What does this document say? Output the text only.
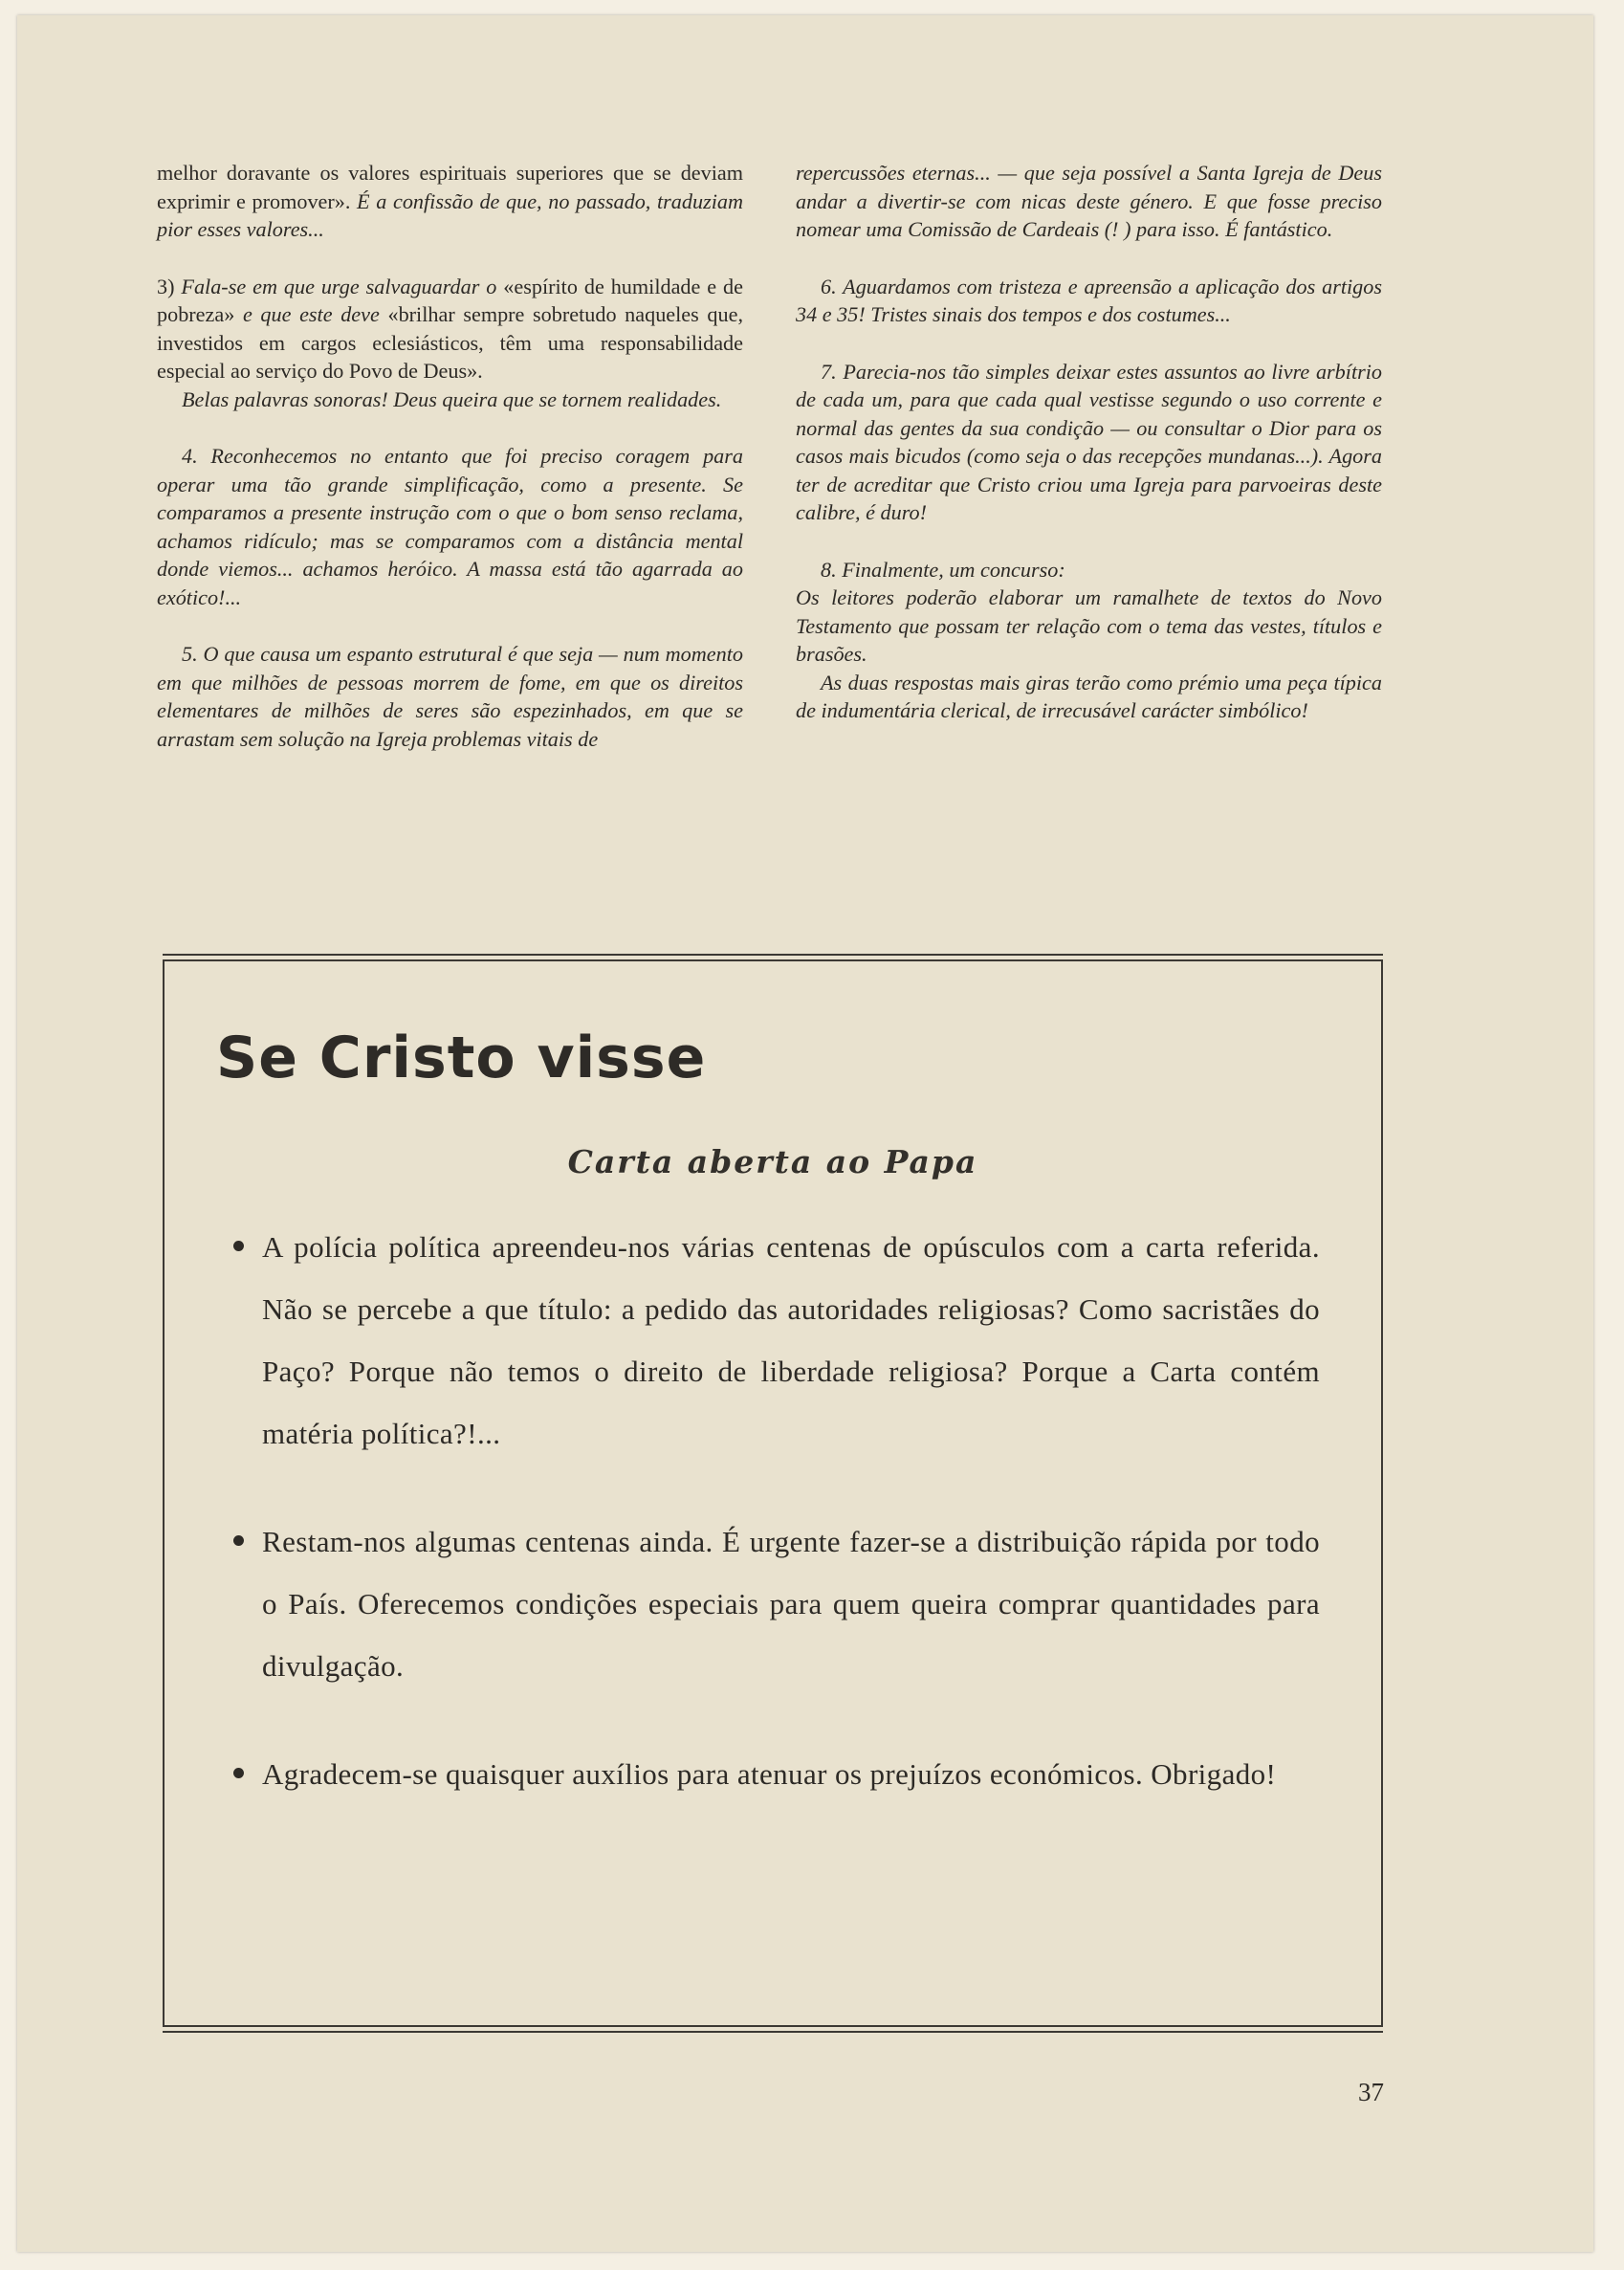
melhor doravante os valores espirituais superiores que se deviam exprimir e promover». É a confissão de que, no passado, traduziam pior esses valores...

3) Fala-se em que urge salvaguardar o «espírito de humildade e de pobreza» e que este deve «brilhar sempre sobretudo naqueles que, investidos em cargos eclesiásticos, têm uma responsabilidade especial ao serviço do Povo de Deus».

Belas palavras sonoras! Deus queira que se tornem realidades.

4. Reconhecemos no entanto que foi preciso coragem para operar uma tão grande simplificação, como a presente. Se comparamos a presente instrução com o que o bom senso reclama, achamos ridículo; mas se comparamos com a distância mental donde viemos... achamos heróico. A massa está tão agarrada ao exótico!...

5. O que causa um espanto estrutural é que seja — num momento em que milhões de pessoas morrem de fome, em que os direitos elementares de milhões de seres são espezinhados, em que se arrastam sem solução na Igreja problemas vitais de

repercussões eternas... — que seja possível a Santa Igreja de Deus andar a divertir-se com nicas deste género. E que fosse preciso nomear uma Comissão de Cardeais (! ) para isso. É fantástico.

6. Aguardamos com tristeza e apreensão a aplicação dos artigos 34 e 35! Tristes sinais dos tempos e dos costumes...

7. Parecia-nos tão simples deixar estes assuntos ao livre arbítrio de cada um, para que cada qual vestisse segundo o uso corrente e normal das gentes da sua condição — ou consultar o Dior para os casos mais bicudos (como seja o das recepções mundanas...). Agora ter de acreditar que Cristo criou uma Igreja para parvoeiras deste calibre, é duro!

8. Finalmente, um concurso:
Os leitores poderão elaborar um ramalhete de textos do Novo Testamento que possam ter relação com o tema das vestes, títulos e brasões.

As duas respostas mais giras terão como prémio uma peça típica de indumentária clerical, de irrecusável carácter simbólico!

Se Cristo visse
Carta aberta ao Papa
A polícia política apreendeu-nos várias centenas de opúsculos com a carta referida. Não se percebe a que título: a pedido das autoridades religiosas? Como sacristães do Paço? Porque não temos o direito de liberdade religiosa? Porque a Carta contém matéria política?!...
Restam-nos algumas centenas ainda. É urgente fazer-se a distribuição rápida por todo o País. Oferecemos condições especiais para quem queira comprar quantidades para divulgação.
Agradecem-se quaisquer auxílios para atenuar os prejuízos económicos. Obrigado!
37
